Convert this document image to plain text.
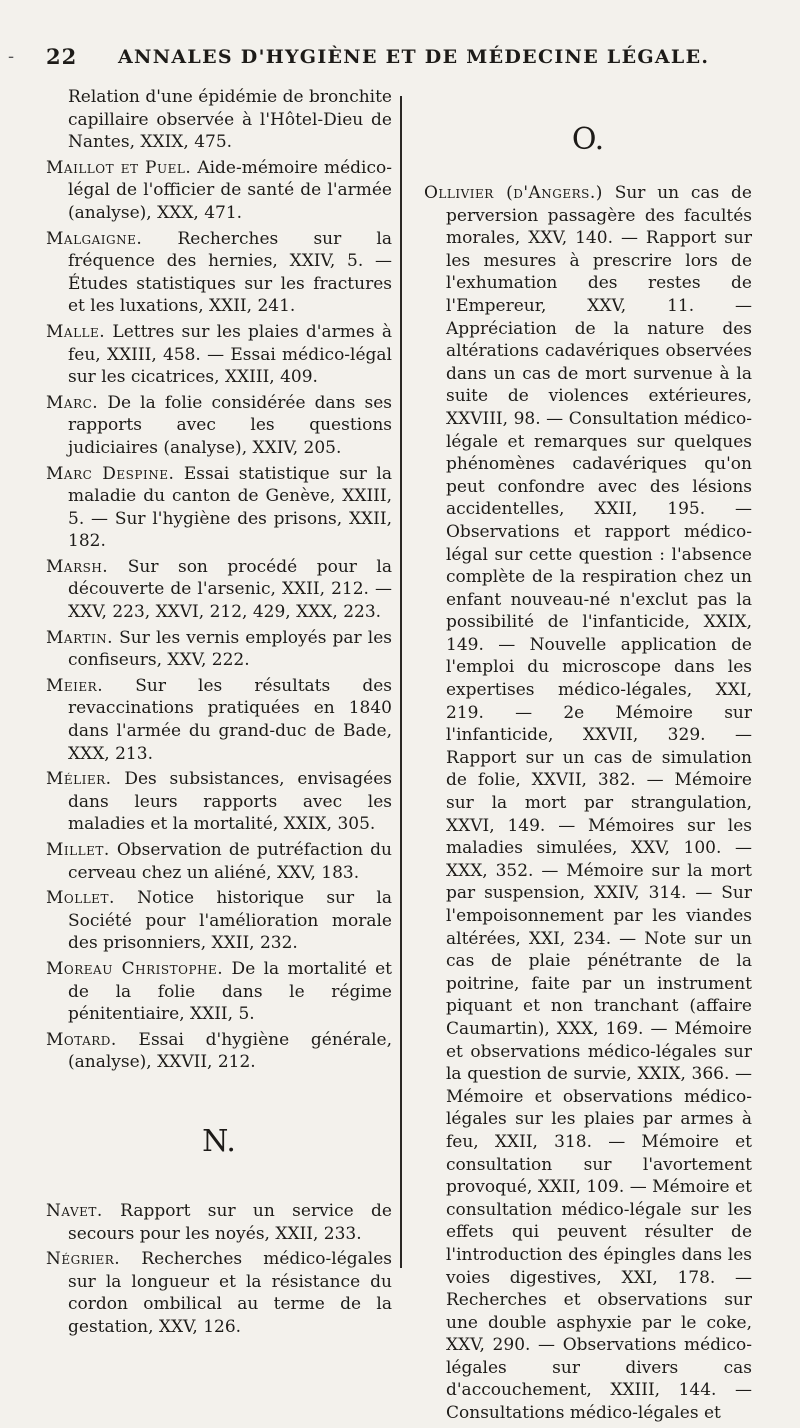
- 22 ANNALES D'HYGIÈNE ET DE MÉDECINE LÉGALE.

Relation d'une épidémie de bronchite capillaire observée à l'Hôtel-Dieu de Nantes, XXIX, 475.

Maillot et Puel. Aide-mémoire médico-légal de l'officier de santé de l'armée (analyse), XXX, 471.

Malgaigne. Recherches sur la fréquence des hernies, XXIV, 5. — Études statistiques sur les fractures et les luxations, XXII, 241.

Malle. Lettres sur les plaies d'armes à feu, XXIII, 458. — Essai médico-légal sur les cicatrices, XXIII, 409.

Marc. De la folie considérée dans ses rapports avec les questions judiciaires (analyse), XXIV, 205.

Marc Despine. Essai statistique sur la maladie du canton de Genève, XXIII, 5. — Sur l'hygiène des prisons, XXII, 182.

Marsh. Sur son procédé pour la découverte de l'arsenic, XXII, 212. — XXV, 223, XXVI, 212, 429, XXX, 223.

Martin. Sur les vernis employés par les confiseurs, XXV, 222.

Meier. Sur les résultats des revaccinations pratiquées en 1840 dans l'armée du grand-duc de Bade, XXX, 213.

Mélier. Des subsistances, envisagées dans leurs rapports avec les maladies et la mortalité, XXIX, 305.

Millet. Observation de putréfaction du cerveau chez un aliéné, XXV, 183.

Mollet. Notice historique sur la Société pour l'amélioration morale des prisonniers, XXII, 232.

Moreau Christophe. De la mortalité et de la folie dans le régime pénitentiaire, XXII, 5.

Motard. Essai d'hygiène générale, (analyse), XXVII, 212.

N.

Navet. Rapport sur un service de secours pour les noyés, XXII, 233.

Négrier. Recherches médico-légales sur la longueur et la résistance du cordon ombilical au terme de la gestation, XXV, 126.

O.

Ollivier (d'Angers.) Sur un cas de perversion passagère des facultés morales, XXV, 140. — Rapport sur les mesures à prescrire lors de l'exhumation des restes de l'Empereur, XXV, 11. — Appréciation de la nature des altérations cadavériques observées dans un cas de mort survenue à la suite de violences extérieures, XXVIII, 98. — Consultation médico-légale et remarques sur quelques phénomènes cadavériques qu'on peut confondre avec des lésions accidentelles, XXII, 195. — Observations et rapport médico-légal sur cette question : l'absence complète de la respiration chez un enfant nouveau-né n'exclut pas la possibilité de l'infanticide, XXIX, 149. — Nouvelle application de l'emploi du microscope dans les expertises médico-légales, XXI, 219. — 2e Mémoire sur l'infanticide, XXVII, 329. — Rapport sur un cas de simulation de folie, XXVII, 382. — Mémoire sur la mort par strangulation, XXVI, 149. — Mémoires sur les maladies simulées, XXV, 100. — XXX, 352. — Mémoire sur la mort par suspension, XXIV, 314. — Sur l'empoisonnement par les viandes altérées, XXI, 234. — Note sur un cas de plaie pénétrante de la poitrine, faite par un instrument piquant et non tranchant (affaire Caumartin), XXX, 169. — Mémoire et observations médico-légales sur la question de survie, XXIX, 366. — Mémoire et observations médico-légales sur les plaies par armes à feu, XXII, 318. — Mémoire et consultation sur l'avortement provoqué, XXII, 109. — Mémoire et consultation médico-légale sur les effets qui peuvent résulter de l'introduction des épingles dans les voies digestives, XXI, 178. — Recherches et observations sur une double asphyxie par le coke, XXV, 290. — Observations médico-légales sur divers cas d'accouchement, XXIII, 144. — Consultations médico-légales et
